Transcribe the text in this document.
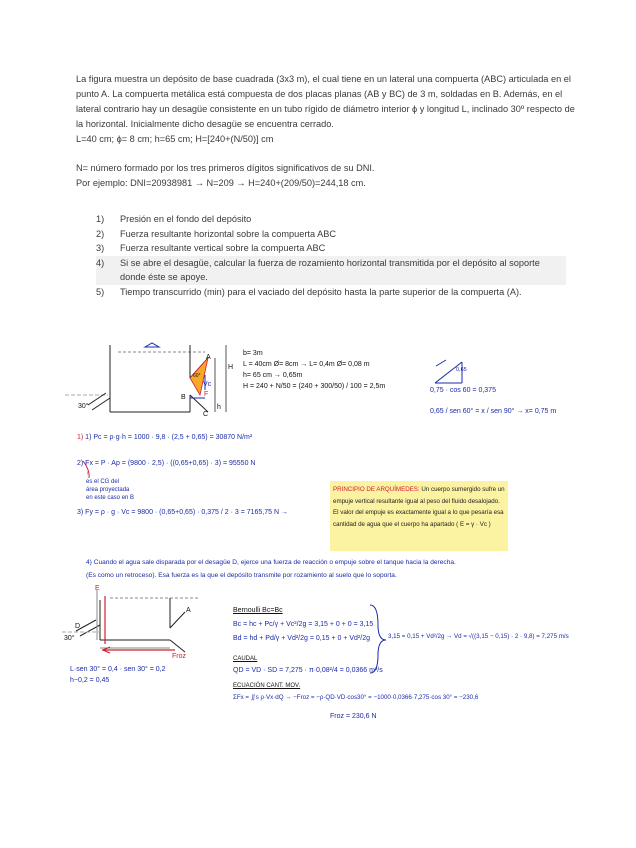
La figura muestra un depósito de base cuadrada (3x3 m), el cual tiene en un lateral una compuerta (ABC) articulada en el punto A. La compuerta metálica está compuesta de dos placas planas (AB y BC) de 3 m, soldadas en B. Además, en el lateral contrario hay un desagüe consistente en un tubo rígido de diámetro interior ϕ y longitud L, inclinado 30º respecto de la horizontal. Inicialmente dicho desagüe se encuentra cerrado.

L=40 cm; ϕ= 8 cm; h=65 cm; H=[240+(N/50)] cm

N= número formado por los tres primeros dígitos significativos de su DNI.

Por ejemplo: DNI=20938981 → N=209 → H=240+(209/50)=244,18 cm.

1)	Presión en el fondo del depósito
2)	Fuerza resultante horizontal sobre la compuerta ABC
3)	Fuerza resultante vertical sobre la compuerta ABC
4)	Si se abre el desagüe, calcular la fuerza de rozamiento horizontal transmitida por el depósito al soporte donde éste se apoye.
5)	Tiempo transcurrido (min) para el vaciado del depósito hasta la parte superior de la compuerta (A).
H
h
30°
A
B
C
Vc
F
60°
b= 3m
L = 40cm Ø= 8cm → L= 0,4m Ø= 0,08 m
h= 65 cm → 0,65m
H = 240 + N/50 = (240 + 300/50) / 100 = 2,5m
0,65
0,75 · cos 60 = 0,375
0,65 / sen 60° = x / sen 90° → x= 0,75 m
1) 1) Pc = ρ·g·h = 1000 · 9,8 · (2,5 + 0,65) = 30870 N/m²
2) Fx = P · Ap = (9800 · 2,5) · ((0,65+0,65) · 3) = 95550 N
↑
es el CG del
área proyectada
en este caso en B
3) Fy = ρ · g · Vc = 9800 · (0,65+0,65) · 0,375 / 2 · 3 = 7165,75 N →
PRINCIPIO DE ARQUÍMEDES: Un cuerpo sumergido sufre un empuje vertical resultante igual al peso del fluido desalojado. El valor del empuje es exactamente igual a lo que pesaría esa cantidad de agua que el cuerpo ha apartado ( E = γ · Vc )
4) Cuando el agua sale disparada por el desagüe D, ejerce una fuerza de reacción o empuje sobre el tanque hacia la derecha.
(Es como un retroceso). Esa fuerza es la que el depósito transmite por rozamiento al suelo que lo soporta.
E
A
Froz
D
30°
L·sen 30° = 0,4 · sen 30° = 0,2
h−0,2 = 0,45
Bernoulli Bc=Bc
Bc = hc + Pc/γ + Vc²/2g = 3,15 + 0 + 0 = 3,15
Bd = hd + Pd/γ + Vd²/2g = 0,15 + 0 + Vd²/2g	3,15 = 0,15 + Vd²/2g → Vd = √((3,15 − 0,15) · 2 · 9,8) = 7,275 m/s
CAUDAL
QD = VD · SD = 7,275 · π·0,08²/4 = 0,0366 m³/s
ECUACIÓN CANT. MOV.
ΣFx = ∬s ρ·Vx·dQ → −Froz = −ρ·QD·VD·cos30° = −1000·0,0366·7,275·cos 30° = −230,6
Froz = 230,6 N
